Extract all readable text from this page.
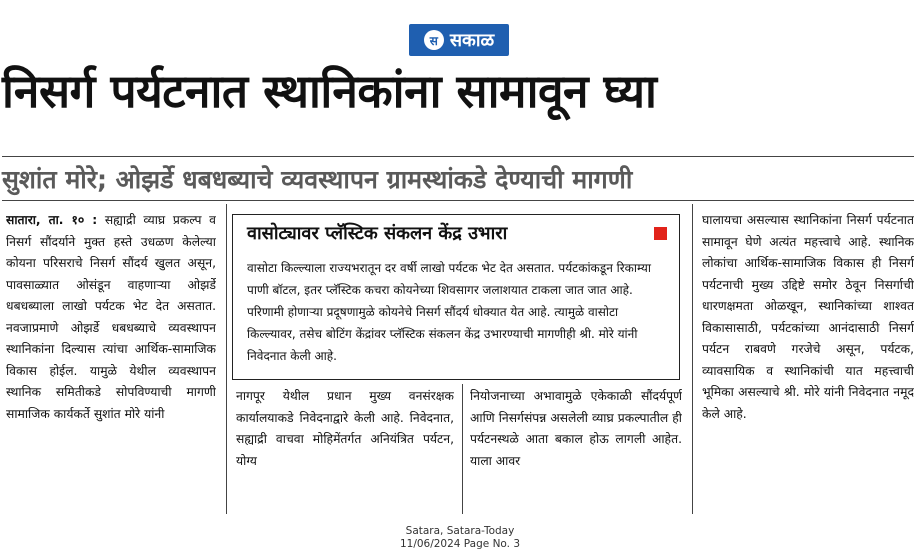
स सकाळ
निसर्ग पर्यटनात स्थानिकांना सामावून घ्या
सुशांत मोरे; ओझर्डे धबधब्याचे व्यवस्थापन ग्रामस्थांकडे देण्याची मागणी
सातारा, ता. १० : सह्याद्री व्याघ्र प्रकल्प व निसर्ग सौंदर्याने मुक्त हस्ते उधळण केलेल्या कोयना परिसराचे निसर्ग सौंदर्य खुलत असून, पावसाळ्यात ओसंडून वाहणाऱ्या ओझर्डे धबधब्याला लाखो पर्यटक भेट देत असतात. नवजाप्रमाणे ओझर्डे धबधब्याचे व्यवस्थापन स्थानिकांना दिल्यास त्यांचा आर्थिक-सामाजिक विकास होईल. यामुळे येथील व्यवस्थापन स्थानिक समितीकडे सोपविण्याची मागणी सामाजिक कार्यकर्ते सुशांत मोरे यांनी
वासोट्यावर प्लॅस्टिक संकलन केंद्र उभारा

वासोटा किल्ल्याला राज्यभरातून दर वर्षी लाखो पर्यटक भेट देत असतात. पर्यटकांकडून रिकाम्या पाणी बॉटल, इतर प्लॅस्टिक कचरा कोयनेच्या शिवसागर जलाशयात टाकला जात जात आहे. परिणामी होणाऱ्या प्रदूषणामुळे कोयनेचे निसर्ग सौंदर्य धोक्यात येत आहे. त्यामुळे वासोटा किल्ल्यावर, तसेच बोटिंग केंद्रांवर प्लॅस्टिक संकलन केंद्र उभारण्याची मागणीही श्री. मोरे यांनी निवेदनात केली आहे.

नागपूर येथील प्रधान मुख्य वनसंरक्षक कार्यालयाकडे निवेदनाद्वारे केली आहे. निवेदनात, सह्याद्री वाचवा मोहिमेंतर्गत अनियंत्रित पर्यटन, योग्य
नियोजनाच्या अभावामुळे एकेकाळी सौंदर्यपूर्ण आणि निसर्गसंपन्न असलेली व्याघ्र प्रकल्पातील ही पर्यटनस्थळे आता बकाल होऊ लागली आहेत. याला आवर
घालायचा असल्यास स्थानिकांना निसर्ग पर्यटनात सामावून घेणे अत्यंत महत्त्वाचे आहे. स्थानिक लोकांचा आर्थिक-सामाजिक विकास ही निसर्ग पर्यटनाची मुख्य उद्दिष्टे समोर ठेवून निसर्गाची धारणक्षमता ओळखून, स्थानिकांच्या शाश्वत विकासासाठी, पर्यटकांच्या आनंदासाठी निसर्ग पर्यटन राबवणे गरजेचे असून, पर्यटक, व्यावसायिक व स्थानिकांची यात महत्त्वाची भूमिका असल्याचे श्री. मोरे यांनी निवेदनात नमूद केले आहे.
Satara, Satara-Today
11/06/2024 Page No. 3
